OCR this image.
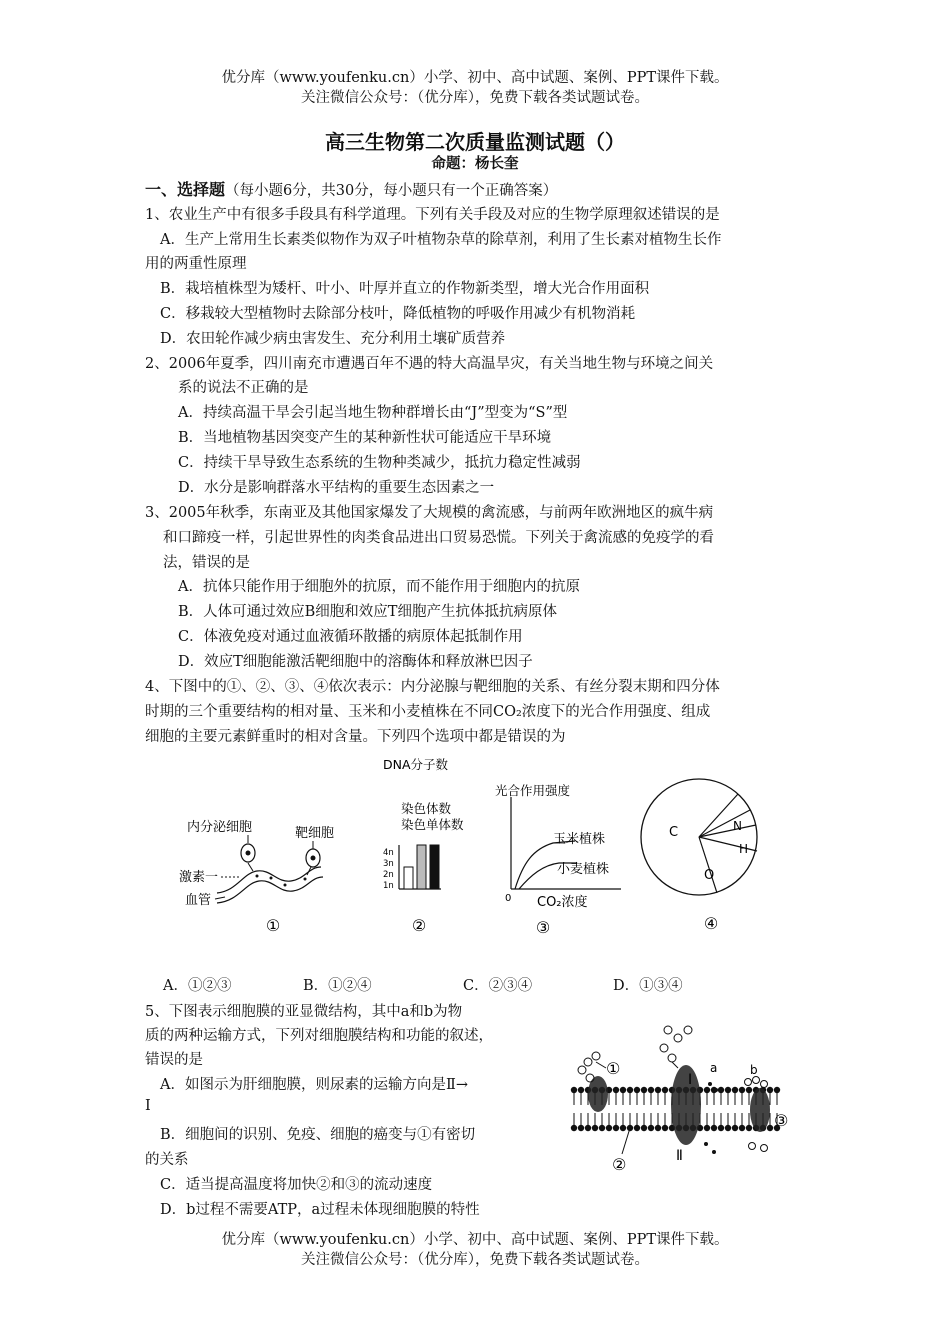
优分库（www.youfenku.cn）小学、初中、高中试题、案例、PPT课件下载。
关注微信公众号：（优分库），免费下载各类试题试卷。
高三生物第二次质量监测试题（）
命题：杨长奎
一、选择题（每小题6分，共30分，每小题只有一个正确答案）
1、农业生产中有很多手段具有科学道理。下列有关手段及对应的生物学原理叙述错误的是
A．生产上常用生长素类似物作为双子叶植物杂草的除草剂，利用了生长素对植物生长作
用的两重性原理
B．栽培植株型为矮杆、叶小、叶厚并直立的作物新类型，增大光合作用面积
C．移栽较大型植物时去除部分枝叶，降低植物的呼吸作用减少有机物消耗
D．农田轮作减少病虫害发生、充分利用土壤矿质营养
2、2006年夏季，四川南充市遭遇百年不遇的特大高温旱灾，有关当地生物与环境之间关
系的说法不正确的是
A．持续高温干旱会引起当地生物种群增长由“J”型变为“S”型
B．当地植物基因突变产生的某种新性状可能适应干旱环境
C．持续干旱导致生态系统的生物种类减少，抵抗力稳定性减弱
D．水分是影响群落水平结构的重要生态因素之一
3、2005年秋季，东南亚及其他国家爆发了大规模的禽流感，与前两年欧洲地区的疯牛病
和口蹄疫一样，引起世界性的肉类食品进出口贸易恐慌。下列关于禽流感的免疫学的看
法，错误的是
A．抗体只能作用于细胞外的抗原，而不能作用于细胞内的抗原
B．人体可通过效应B细胞和效应T细胞产生抗体抵抗病原体
C．体液免疫对通过血液循环散播的病原体起抵制作用
D．效应T细胞能激活靶细胞中的溶酶体和释放淋巴因子
4、下图中的①、②、③、④依次表示：内分泌腺与靶细胞的关系、有丝分裂末期和四分体
时期的三个重要结构的相对量、玉米和小麦植株在不同CO₂浓度下的光合作用强度、组成
细胞的主要元素鲜重时的相对含量。下列四个选项中都是错误的为
内分泌细胞	靶细胞
激素一
血管
①
DNA分子数
染色体数
染色单体数
4n
3n
2n
1n
②
光合作用强度
0 CO₂浓度
玉米植株
小麦植株
③
C	N
H
O
④
A．①②③	B．①②④	C．②③④	D．①③④
5、下图表示细胞膜的亚显微结构，其中a和b为物
质的两种运输方式，下列对细胞膜结构和功能的叙述，
错误的是
A．如图示为肝细胞膜，则尿素的运输方向是Ⅱ→
Ⅰ
B．细胞间的识别、免疫、细胞的癌变与①有密切
的关系
C．适当提高温度将加快②和③的流动速度
D．b过程不需要ATP，a过程未体现细胞膜的特性
①
Ⅰ
a	b
③
②	Ⅱ
优分库（www.youfenku.cn）小学、初中、高中试题、案例、PPT课件下载。
关注微信公众号：（优分库），免费下载各类试题试卷。
